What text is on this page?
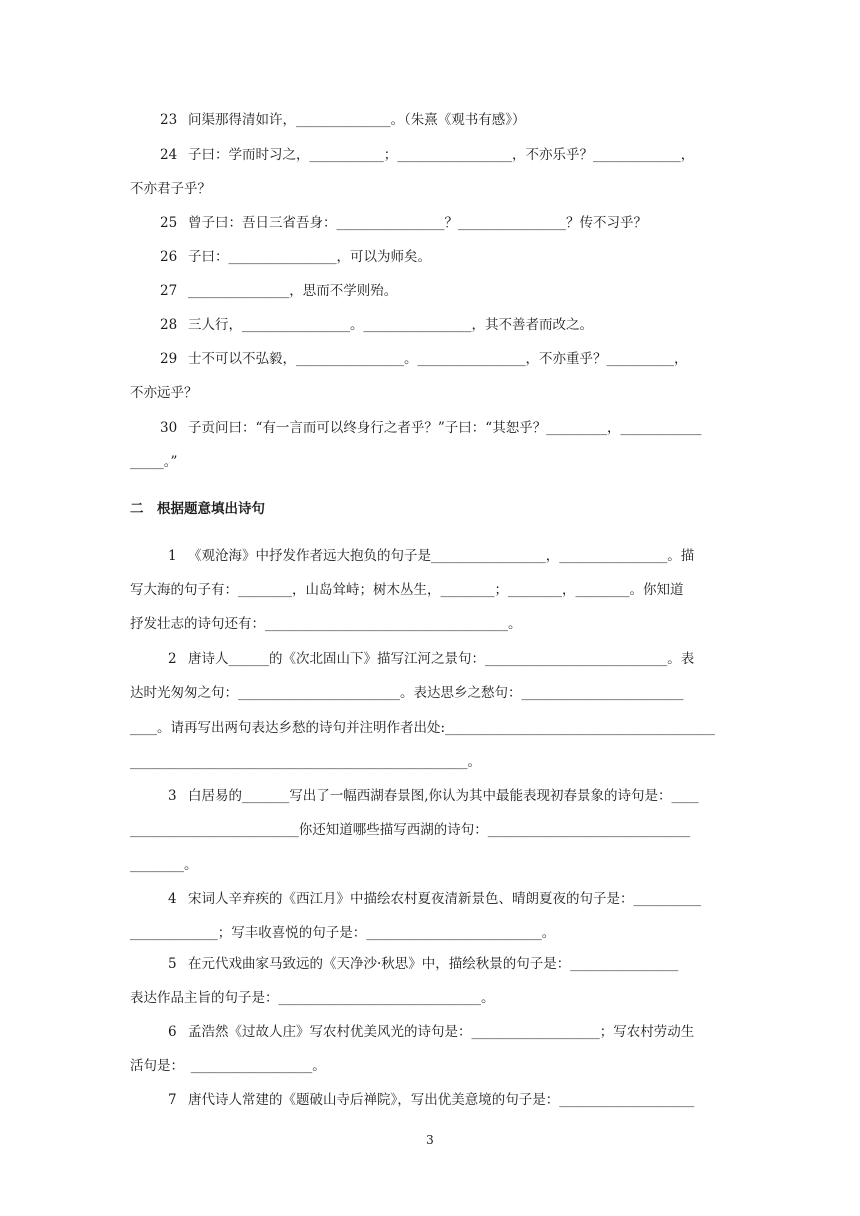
23 问渠那得清如许，______________。（朱熹《观书有感》）
24 子曰：学而时习之，___________；_________________，不亦乐乎？_____________，
不亦君子乎？
25 曾子曰：吾日三省吾身：________________？________________？传不习乎？
26 子曰：________________，可以为师矣。
27 _______________，思而不学则殆。
28 三人行，________________。________________，其不善者而改之。
29 士不可以不弘毅，________________。________________，不亦重乎？__________，
不亦远乎？
30 子贡问曰：“有一言而可以终身行之者乎？”子曰：“其恕乎？_________，____________
_____。”
二　根据题意填出诗句
1 《观沧海》中抒发作者远大抱负的句子是_________________，________________。描
写大海的句子有：________，山岛耸峙；树木丛生，________；________，________。你知道
抒发壮志的诗句还有：____________________________________。
2 唐诗人______的《次北固山下》描写江河之景句：___________________________。表
达时光匆匆之句：________________________。表达思乡之愁句：________________________
____。请再写出两句表达乡愁的诗句并注明作者出处:________________________________________
__________________________________________________。
3 白居易的_______写出了一幅西湖春景图,你认为其中最能表现初春景象的诗句是：____
_________________________你还知道哪些描写西湖的诗句：______________________________
________。
4 宋词人辛弃疾的《西江月》中描绘农村夏夜清新景色、晴朗夏夜的句子是：__________
_____________；写丰收喜悦的句子是：__________________________。
5 在元代戏曲家马致远的《天净沙·秋思》中，描绘秋景的句子是：________________
表达作品主旨的句子是：______________________________。
6 孟浩然《过故人庄》写农村优美风光的诗句是：___________________；写农村劳动生
活句是：　__________________。
7 唐代诗人常建的《题破山寺后禅院》，写出优美意境的句子是：____________________
3
